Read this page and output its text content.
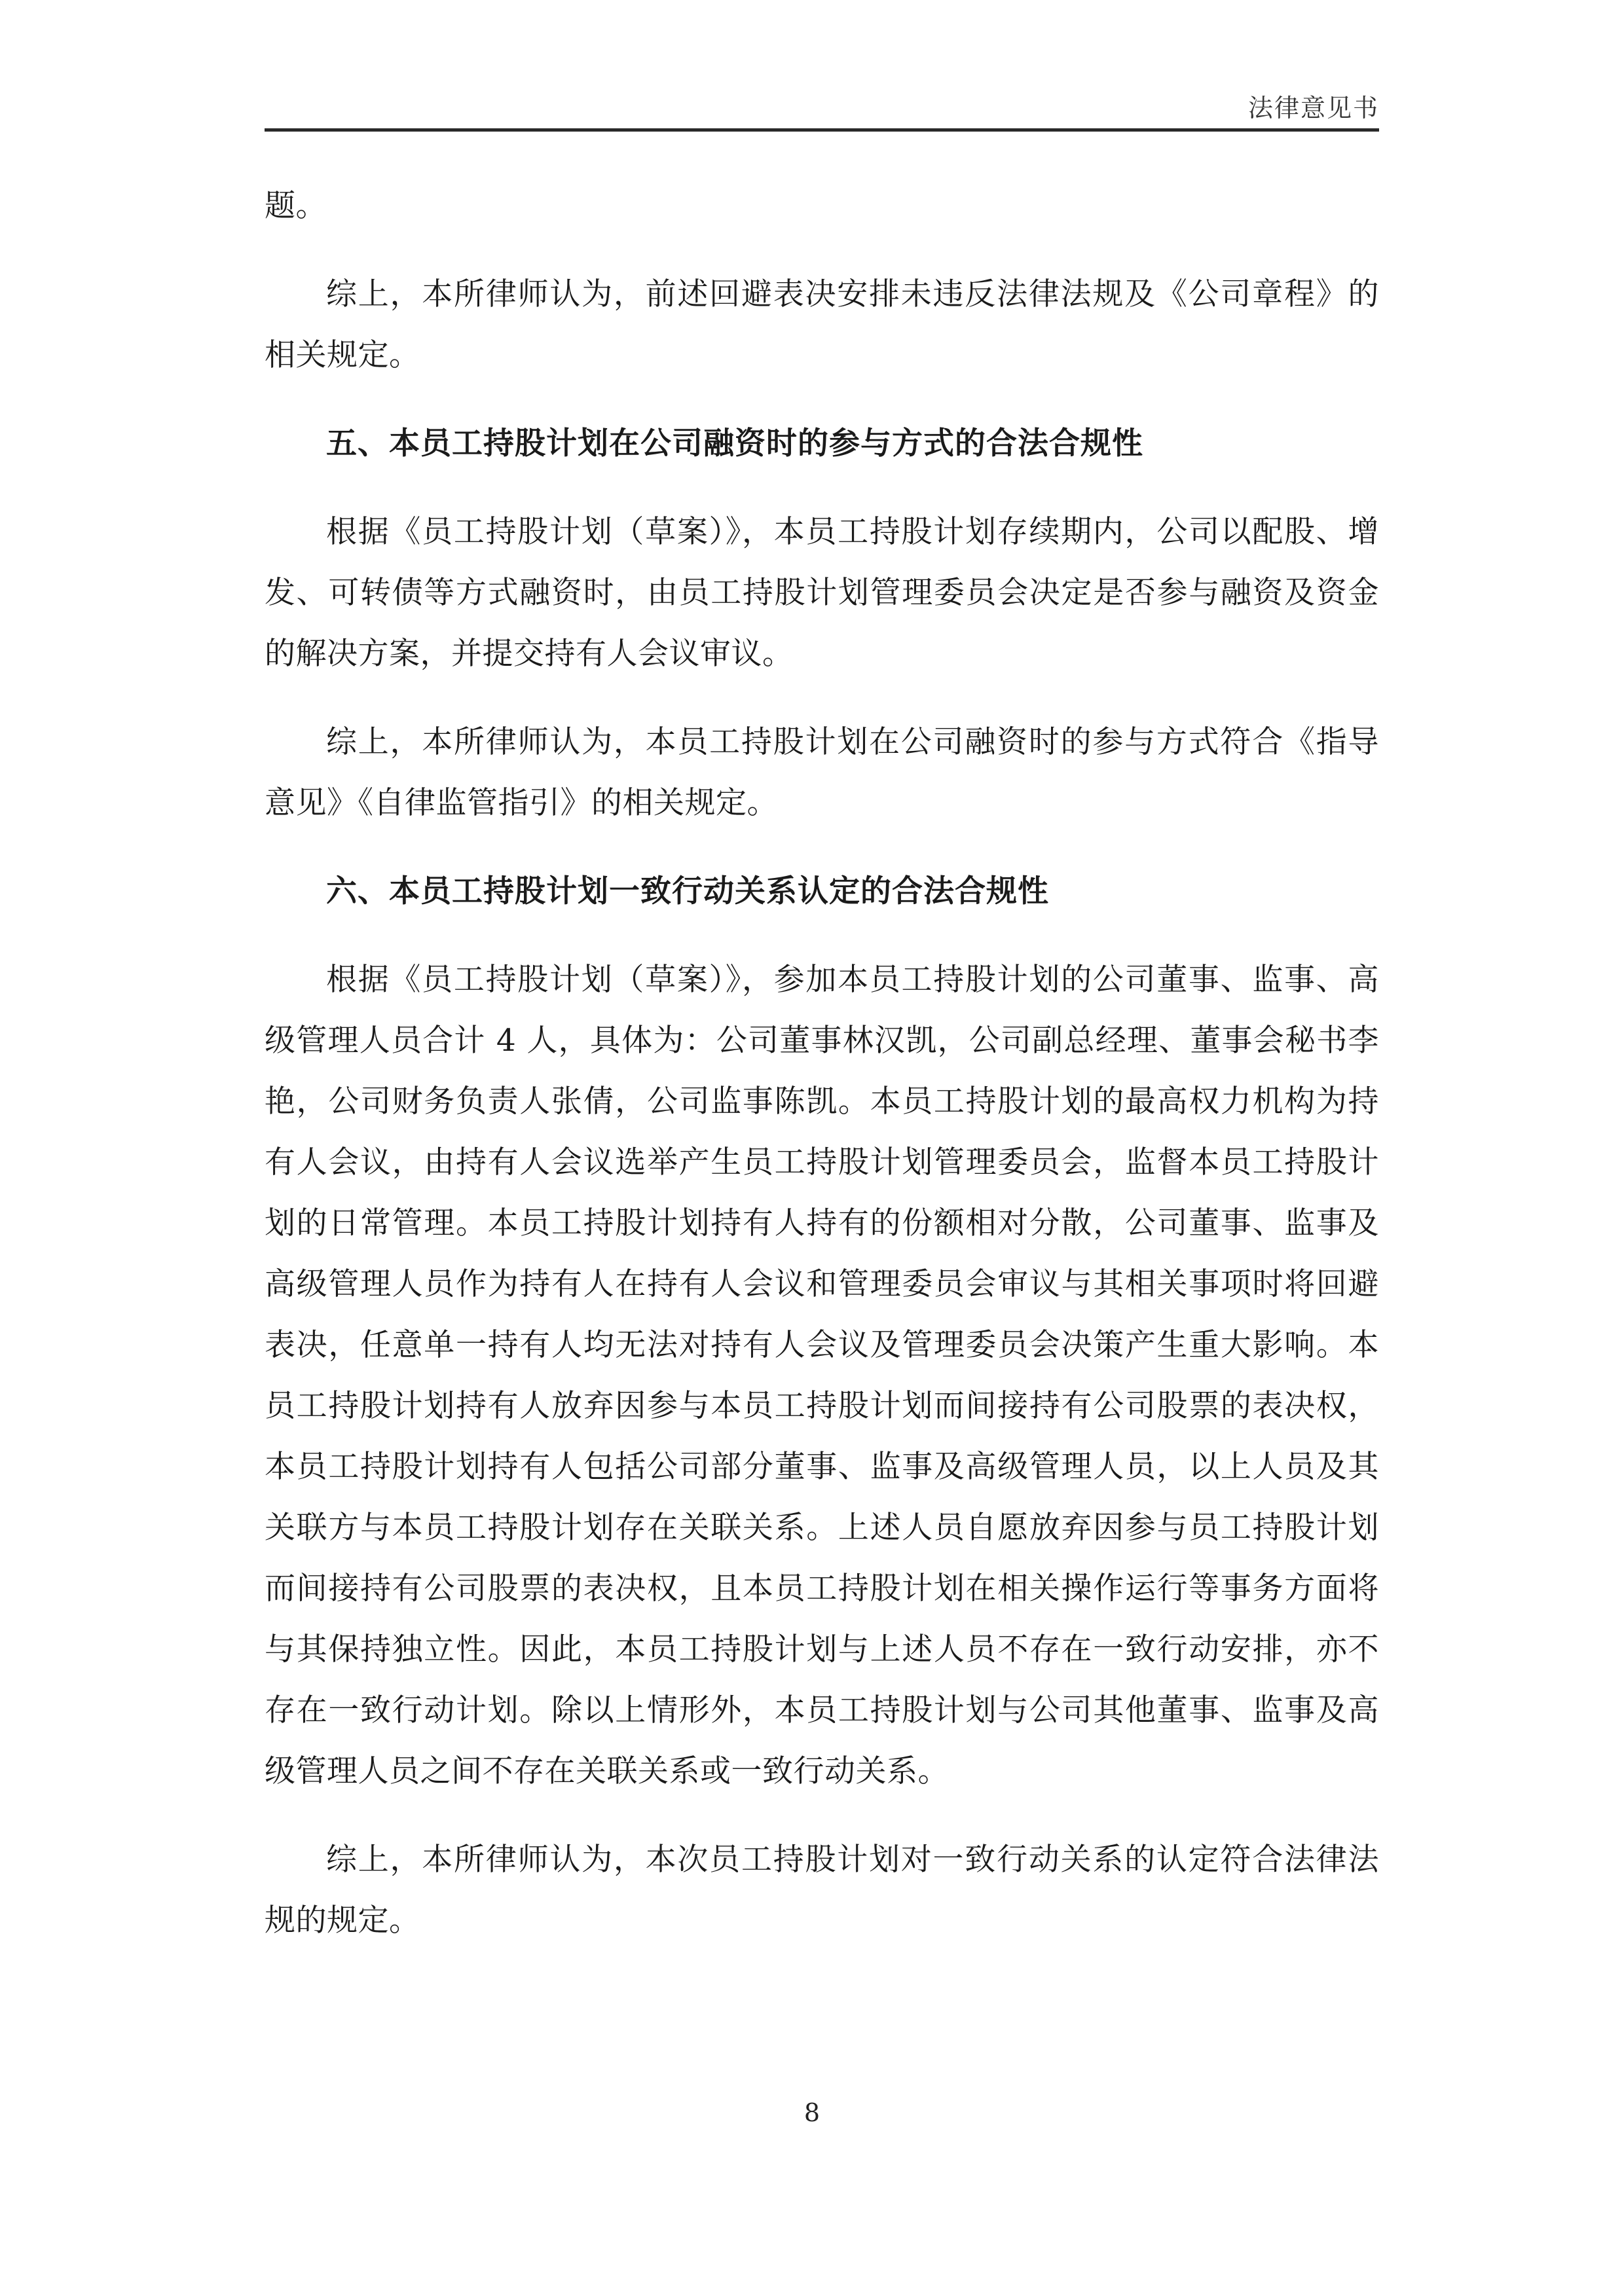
法律意见书

题。

综上，本所律师认为，前述回避表决安排未违反法律法规及《公司章程》的相关规定。

五、本员工持股计划在公司融资时的参与方式的合法合规性

根据《员工持股计划（草案）》，本员工持股计划存续期内，公司以配股、增发、可转债等方式融资时，由员工持股计划管理委员会决定是否参与融资及资金的解决方案，并提交持有人会议审议。

综上，本所律师认为，本员工持股计划在公司融资时的参与方式符合《指导意见》《自律监管指引》的相关规定。

六、本员工持股计划一致行动关系认定的合法合规性

根据《员工持股计划（草案）》，参加本员工持股计划的公司董事、监事、高级管理人员合计 4 人，具体为：公司董事林汉凯，公司副总经理、董事会秘书李艳，公司财务负责人张倩，公司监事陈凯。本员工持股计划的最高权力机构为持有人会议，由持有人会议选举产生员工持股计划管理委员会，监督本员工持股计划的日常管理。本员工持股计划持有人持有的份额相对分散，公司董事、监事及高级管理人员作为持有人在持有人会议和管理委员会审议与其相关事项时将回避表决，任意单一持有人均无法对持有人会议及管理委员会决策产生重大影响。本员工持股计划持有人放弃因参与本员工持股计划而间接持有公司股票的表决权，本员工持股计划持有人包括公司部分董事、监事及高级管理人员，以上人员及其关联方与本员工持股计划存在关联关系。上述人员自愿放弃因参与员工持股计划而间接持有公司股票的表决权，且本员工持股计划在相关操作运行等事务方面将与其保持独立性。因此，本员工持股计划与上述人员不存在一致行动安排，亦不存在一致行动计划。除以上情形外，本员工持股计划与公司其他董事、监事及高级管理人员之间不存在关联关系或一致行动关系。

综上，本所律师认为，本次员工持股计划对一致行动关系的认定符合法律法规的规定。

8
